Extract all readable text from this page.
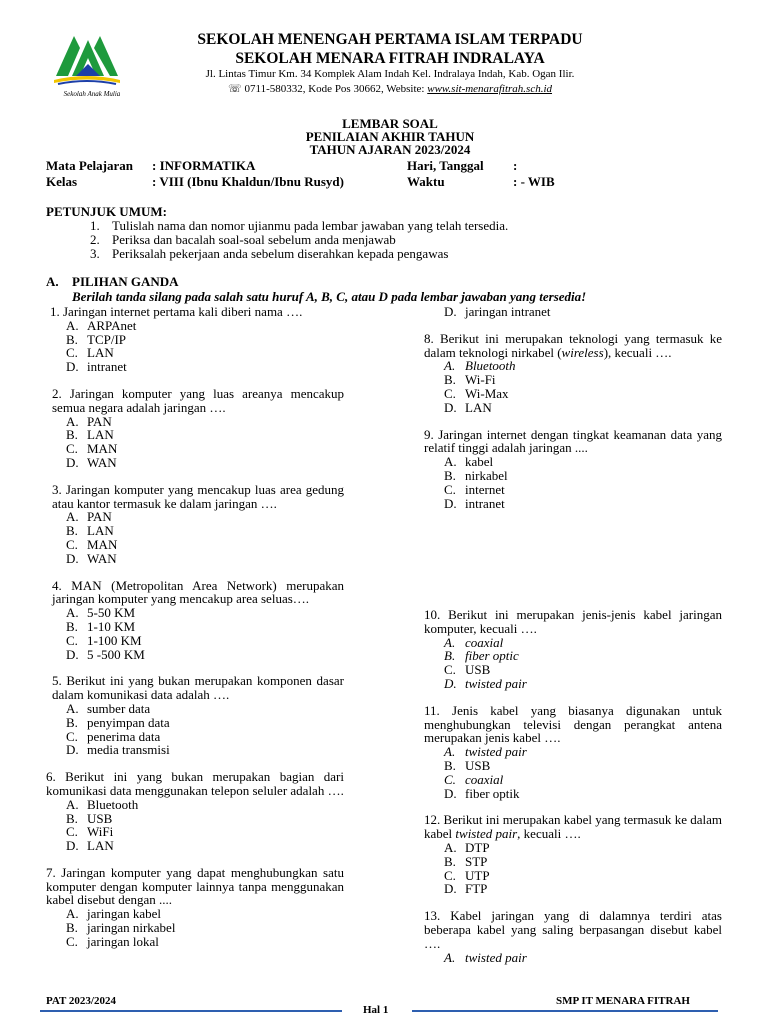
Sekolah Anak Mulia
SEKOLAH MENENGAH PERTAMA ISLAM TERPADU
SEKOLAH MENARA FITRAH INDRALAYA
Jl. Lintas Timur Km. 34 Komplek Alam Indah Kel. Indralaya Indah, Kab. Ogan Ilir.
☏ 0711-580332, Kode Pos 30662, Website: www.sit-menarafitrah.sch.id
LEMBAR SOAL
PENILAIAN AKHIR TAHUN
TAHUN AJARAN 2023/2024
Mata Pelajaran : INFORMATIKA	Hari, Tanggal :
Kelas	: VIII (Ibnu Khaldun/Ibnu Rusyd)	Waktu	: - WIB
PETUNJUK UMUM:
1. Tulislah nama dan nomor ujianmu pada lembar jawaban yang telah tersedia.
2. Periksa dan bacalah soal-soal sebelum anda menjawab
3. Periksalah pekerjaan anda sebelum diserahkan kepada pengawas
A. PILIHAN GANDA
Berilah tanda silang pada salah satu huruf A, B, C, atau D pada lembar jawaban yang tersedia!
1. Jaringan internet pertama kali diberi nama ….
A. ARPAnet
B. TCP/IP
C. LAN
D. intranet
2. Jaringan komputer yang luas areanya mencakup semua negara adalah jaringan ….
A. PAN
B. LAN
C. MAN
D. WAN
3. Jaringan komputer yang mencakup luas area gedung atau kantor termasuk ke dalam jaringan ….
A. PAN
B. LAN
C. MAN
D. WAN
4. MAN (Metropolitan Area Network) merupakan jaringan komputer yang mencakup area seluas….
A. 5-50 KM
B. 1-10 KM
C. 1-100 KM
D. 5 -500 KM
5. Berikut ini yang bukan merupakan komponen dasar dalam komunikasi data adalah ….
A. sumber data
B. penyimpan data
C. penerima data
D. media transmisi
6. Berikut ini yang bukan merupakan bagian dari komunikasi data menggunakan telepon seluler adalah ….
A. Bluetooth
B. USB
C. WiFi
D. LAN
7. Jaringan komputer yang dapat menghubungkan satu komputer dengan komputer lainnya tanpa menggunakan kabel disebut dengan ....
A. jaringan kabel
B. jaringan nirkabel
C. jaringan lokal
D. jaringan intranet
8. Berikut ini merupakan teknologi yang termasuk ke dalam teknologi nirkabel (wireless), kecuali ….
A. Bluetooth
B. Wi-Fi
C. Wi-Max
D. LAN
9. Jaringan internet dengan tingkat keamanan data yang relatif tinggi adalah jaringan ....
A. kabel
B. nirkabel
C. internet
D. intranet
10. Berikut ini merupakan jenis-jenis kabel jaringan komputer, kecuali ….
A. coaxial
B. fiber optic
C. USB
D. twisted pair
11. Jenis kabel yang biasanya digunakan untuk menghubungkan televisi dengan perangkat antena merupakan jenis kabel ….
A. twisted pair
B. USB
C. coaxial
D. fiber optik
12. Berikut ini merupakan kabel yang termasuk ke dalam kabel twisted pair, kecuali ….
A. DTP
B. STP
C. UTP
D. FTP
13. Kabel jaringan yang di dalamnya terdiri atas beberapa kabel yang saling berpasangan disebut kabel ….
A. twisted pair
PAT 2023/2024	SMP IT MENARA FITRAH
Hal 1
